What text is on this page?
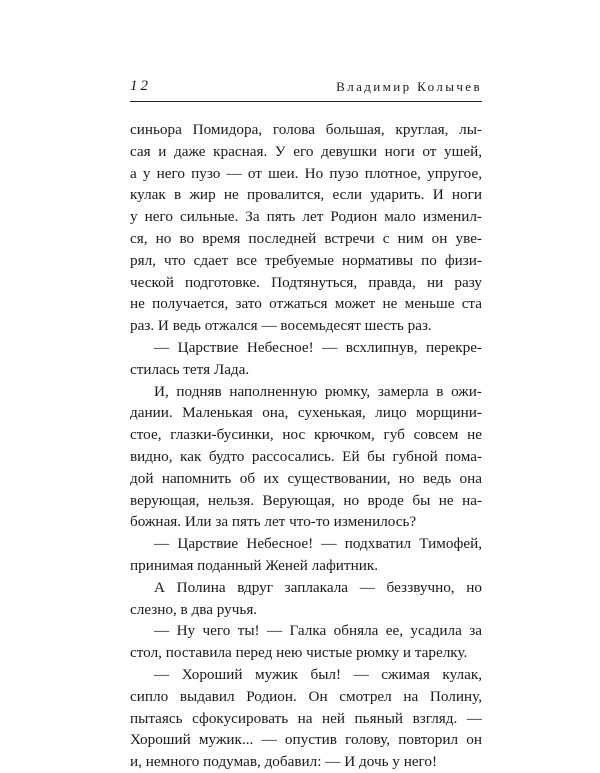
12	Владимир Колычев
синьора Помидора, голова большая, круглая, лы-
сая и даже красная. У его девушки ноги от ушей,
а у него пузо — от шеи. Но пузо плотное, упругое,
кулак в жир не провалится, если ударить. И ноги
у него сильные. За пять лет Родион мало изменил-
ся, но во время последней встречи с ним он уве-
рял, что сдает все требуемые нормативы по физи-
ческой подготовке. Подтянуться, правда, ни разу
не получается, зато отжаться может не меньше ста
раз. И ведь отжался — восемьдесят шесть раз.
— Царствие Небесное! — всхлипнув, перекре-
стилась тетя Лада.
И, подняв наполненную рюмку, замерла в ожи-
дании. Маленькая она, сухенькая, лицо морщини-
стое, глазки-бусинки, нос крючком, губ совсем не
видно, как будто рассосались. Ей бы губной пома-
дой напомнить об их существовании, но ведь она
верующая, нельзя. Верующая, но вроде бы не на-
божная. Или за пять лет что-то изменилось?
— Царствие Небесное! — подхватил Тимофей,
принимая поданный Женей лафитник.
А Полина вдруг заплакала — беззвучно, но
слезно, в два ручья.
— Ну чего ты! — Галка обняла ее, усадила за
стол, поставила перед нею чистые рюмку и тарелку.
— Хороший мужик был! — сжимая кулак,
сипло выдавил Родион. Он смотрел на Полину,
пытаясь сфокусировать на ней пьяный взгляд. —
Хороший мужик... — опустив голову, повторил он
и, немного подумав, добавил: — И дочь у него!
